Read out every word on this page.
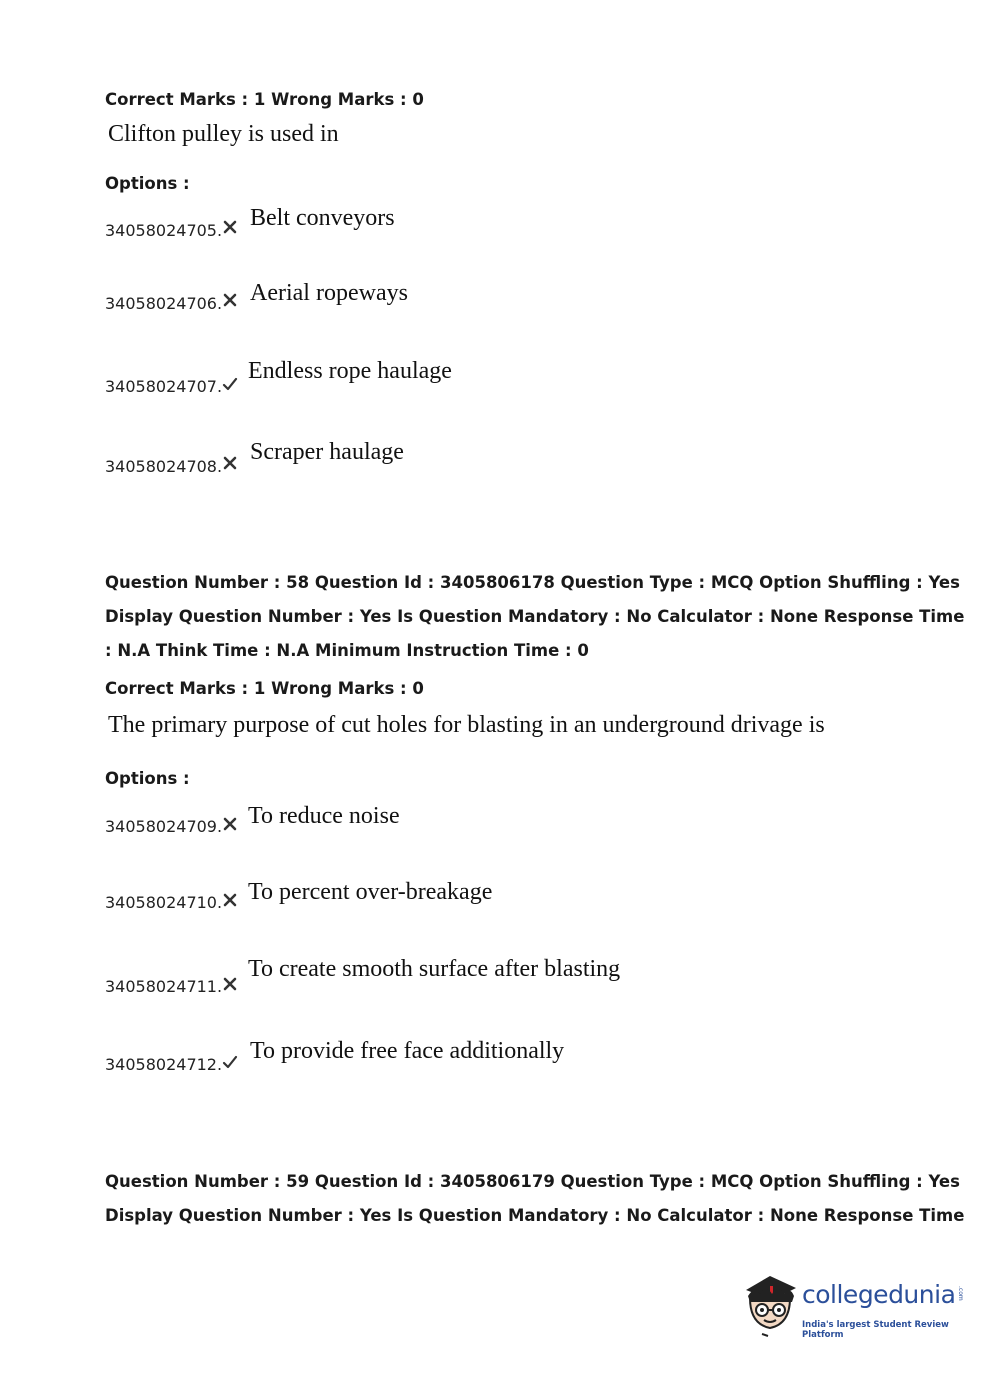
Correct Marks : 1 Wrong Marks : 0
Clifton pulley is used in
Options :
34058024705. Belt conveyors
34058024706. Aerial ropeways
34058024707.
Endless rope haulage
34058024708.
Scraper haulage
Question Number : 58 Question Id : 3405806178 Question Type : MCQ Option Shuffling : Yes
Display Question Number : Yes Is Question Mandatory : No Calculator : None Response Time
: N.A Think Time : N.A Minimum Instruction Time : 0
Correct Marks : 1 Wrong Marks : 0
The primary purpose of cut holes for blasting in an underground drivage is
Options :
34058024709. To reduce noise
34058024710. To percent over-breakage
34058024711.
To create smooth surface after blasting
34058024712.
To provide free face additionally
Question Number : 59 Question Id : 3405806179 Question Type : MCQ Option Shuffling : Yes
Display Question Number : Yes Is Question Mandatory : No Calculator : None Response Time
collegedunia .com
India's largest Student Review Platform
